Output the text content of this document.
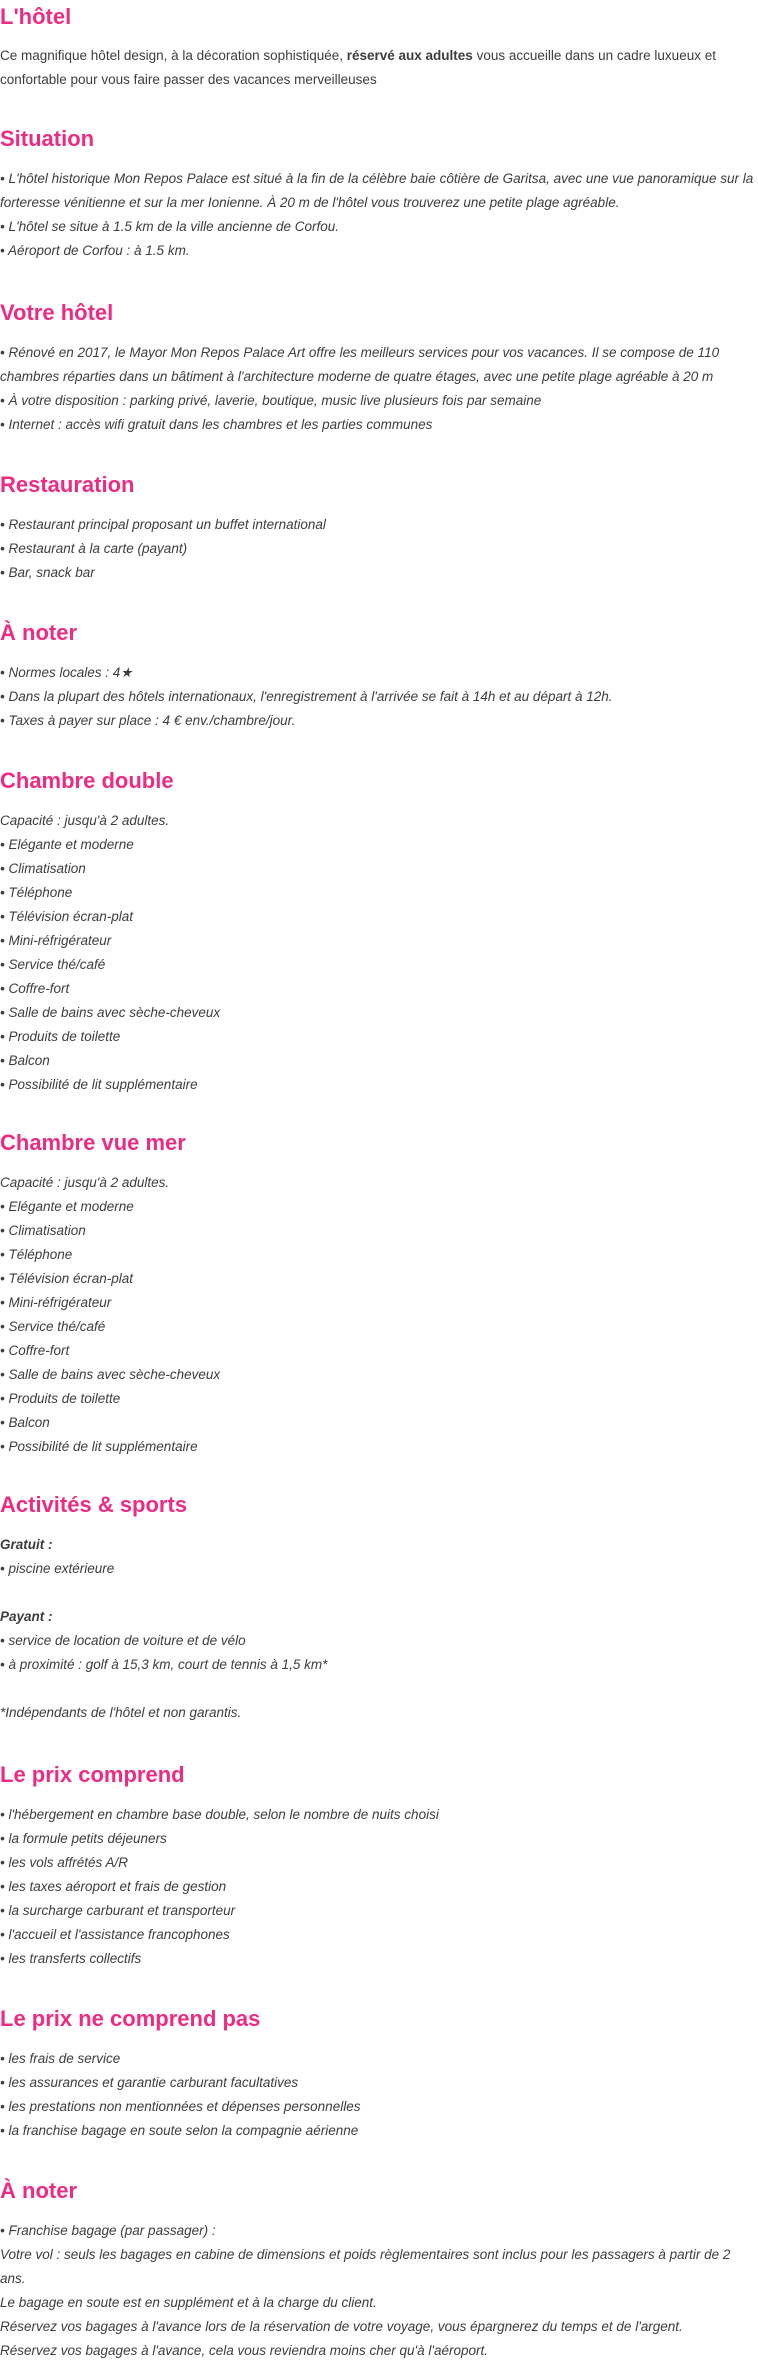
L'hôtel

Ce magnifique hôtel design, à la décoration sophistiquée, réservé aux adultes vous accueille dans un cadre luxueux et confortable pour vous faire passer des vacances merveilleuses

Situation
• L'hôtel historique Mon Repos Palace est situé à la fin de la célèbre baie côtière de Garitsa, avec une vue panoramique sur la forteresse vénitienne et sur la mer Ionienne. À 20 m de l'hôtel vous trouverez une petite plage agréable.
• L'hôtel se situe à 1.5 km de la ville ancienne de Corfou.
• Aéroport de Corfou : à 1.5 km.
Votre hôtel
• Rénové en 2017, le Mayor Mon Repos Palace Art offre les meilleurs services pour vos vacances. Il se compose de 110 chambres réparties dans un bâtiment à l'architecture moderne de quatre étages, avec une petite plage agréable à 20 m
• À votre disposition : parking privé, laverie, boutique, music live plusieurs fois par semaine
• Internet : accès wifi gratuit dans les chambres et les parties communes
Restauration
• Restaurant principal proposant un buffet international
• Restaurant à la carte (payant)
• Bar, snack bar
À noter
• Normes locales : 4★
• Dans la plupart des hôtels internationaux, l'enregistrement à l'arrivée se fait à 14h et au départ à 12h.
• Taxes à payer sur place : 4 € env./chambre/jour.
Chambre double
Capacité : jusqu'à 2 adultes.
• Elégante et moderne
• Climatisation
• Téléphone
• Télévision écran-plat
• Mini-réfrigérateur
• Service thé/café
• Coffre-fort
• Salle de bains avec sèche-cheveux
• Produits de toilette
• Balcon
• Possibilité de lit supplémentaire
Chambre vue mer
Capacité : jusqu'à 2 adultes.
• Elégante et moderne
• Climatisation
• Téléphone
• Télévision écran-plat
• Mini-réfrigérateur
• Service thé/café
• Coffre-fort
• Salle de bains avec sèche-cheveux
• Produits de toilette
• Balcon
• Possibilité de lit supplémentaire
Activités & sports
Gratuit :
• piscine extérieure
Payant :
• service de location de voiture et de vélo
• à proximité : golf à 15,3 km, court de tennis à 1,5 km*
*Indépendants de l'hôtel et non garantis.
Le prix comprend
• l'hébergement en chambre base double, selon le nombre de nuits choisi
• la formule petits déjeuners
• les vols affrétés A/R
• les taxes aéroport et frais de gestion
• la surcharge carburant et transporteur
• l'accueil et l'assistance francophones
• les transferts collectifs
Le prix ne comprend pas
• les frais de service
• les assurances et garantie carburant facultatives
• les prestations non mentionnées et dépenses personnelles
• la franchise bagage en soute selon la compagnie aérienne
À noter
• Franchise bagage (par passager) :
Votre vol : seuls les bagages en cabine de dimensions et poids règlementaires sont inclus pour les passagers à partir de 2 ans.
Le bagage en soute est en supplément et à la charge du client.
Réservez vos bagages à l'avance lors de la réservation de votre voyage, vous épargnerez du temps et de l'argent.
Réservez vos bagages à l'avance, cela vous reviendra moins cher qu'à l'aéroport.
